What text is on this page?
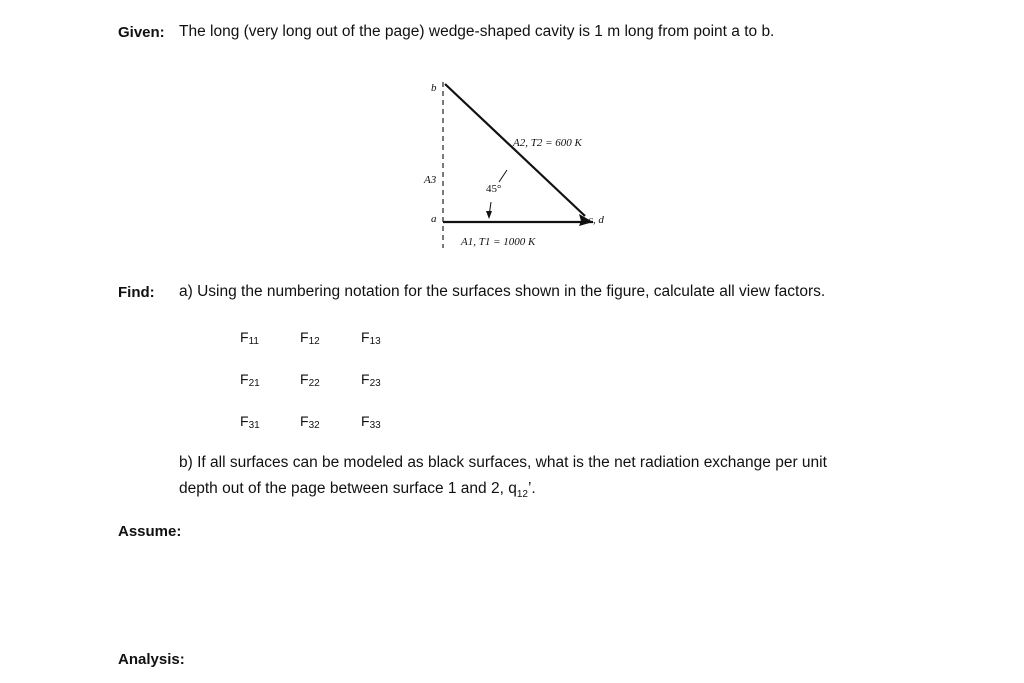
Given: The long (very long out of the page) wedge-shaped cavity is 1 m long from point a to b.
b
a
A3
A2, T2 = 600 K
45°
c, d
A1, T1 = 1000 K
Find: a) Using the numbering notation for the surfaces shown in the figure, calculate all view factors.
$F_{11}$	$F_{12}$	$F_{13}$
$F_{21}$	$F_{22}$	$F_{23}$
$F_{31}$	$F_{32}$	$F_{33}$
b) If all surfaces can be modeled as black surfaces, what is the net radiation exchange per unit
depth out of the page between surface 1 and 2, $q_{12}$’.
Assume:
Analysis:
